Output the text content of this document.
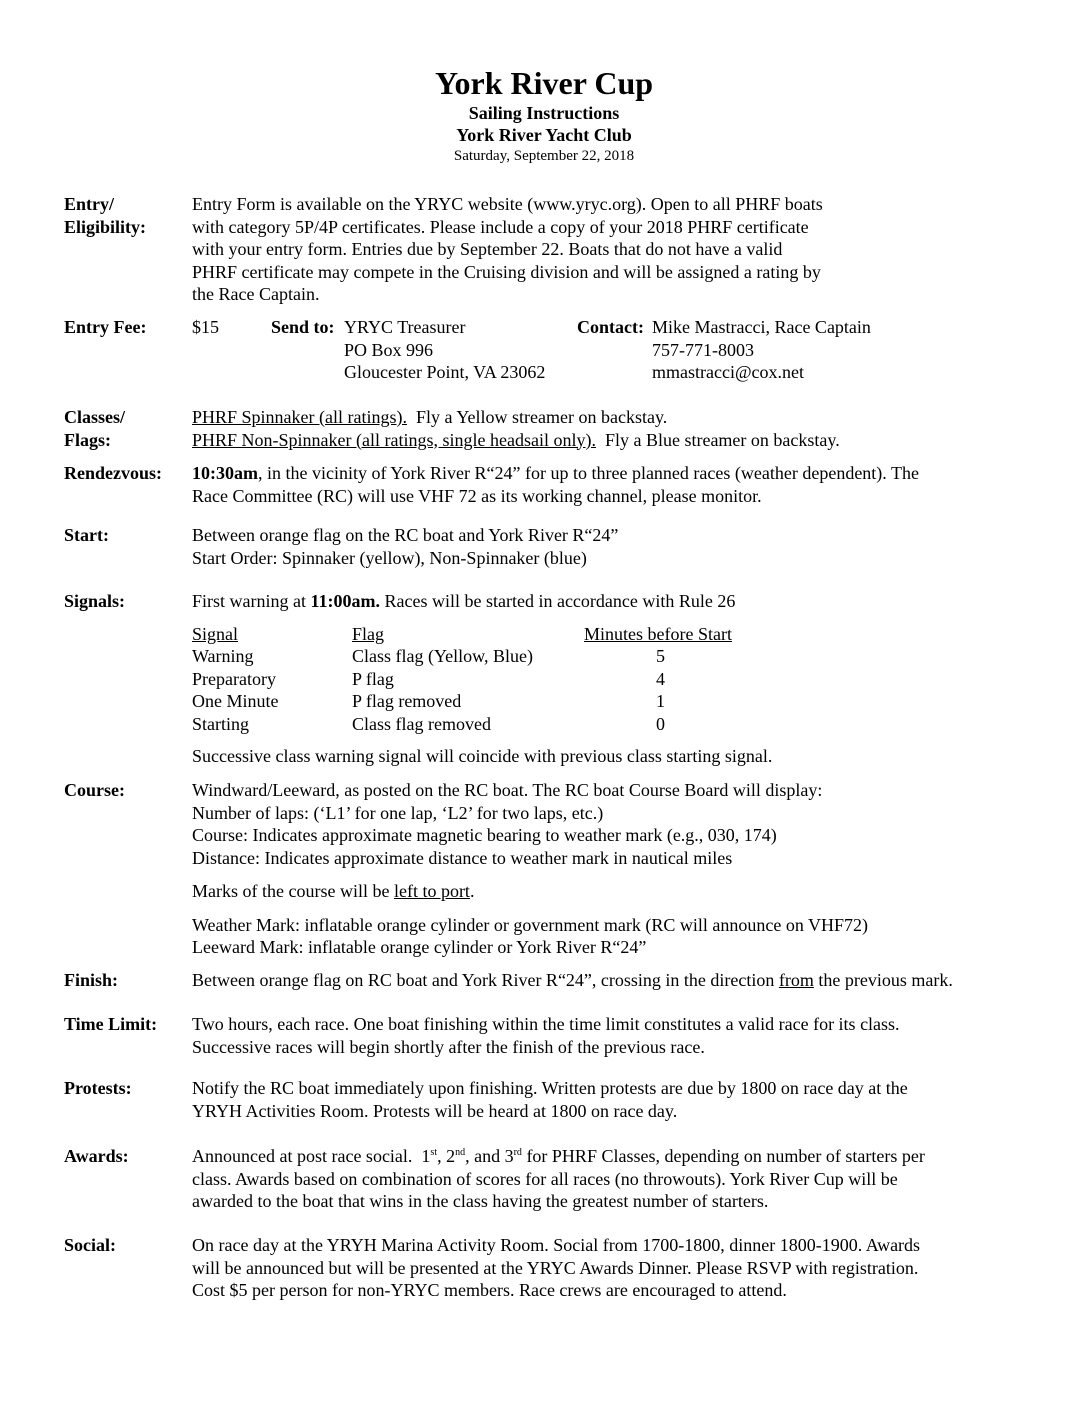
York River Cup
Sailing Instructions
York River Yacht Club
Saturday, September 22, 2018
Entry/
Eligibility:
Entry Form is available on the YRYC website (www.yryc.org). Open to all PHRF boats
with category 5P/4P certificates. Please include a copy of your 2018 PHRF certificate
with your entry form. Entries due by September 22. Boats that do not have a valid
PHRF certificate may compete in the Cruising division and will be assigned a rating by
the Race Captain.
Entry Fee:	$15	Send to: YRYC Treasurer
PO Box 996
Gloucester Point, VA 23062
Contact: Mike Mastracci, Race Captain
757-771-8003
mmastracci@cox.net
Classes/
Flags:
PHRF Spinnaker (all ratings).  Fly a Yellow streamer on backstay.
PHRF Non-Spinnaker (all ratings, single headsail only).  Fly a Blue streamer on backstay.
Rendezvous:	10:30am, in the vicinity of York River R“24” for up to three planned races (weather dependent). The
Race Committee (RC) will use VHF 72 as its working channel, please monitor.
Start:	Between orange flag on the RC boat and York River R“24”
Start Order: Spinnaker (yellow), Non-Spinnaker (blue)
Signals:	First warning at 11:00am. Races will be started in accordance with Rule 26
Signal	Flag	Minutes before Start
Warning	Class flag (Yellow, Blue)	5
Preparatory	P flag	4
One Minute	P flag removed	1
Starting	Class flag removed	0
Successive class warning signal will coincide with previous class starting signal.
Course:	Windward/Leeward, as posted on the RC boat. The RC boat Course Board will display:
Number of laps: (‘L1’ for one lap, ‘L2’ for two laps, etc.)
Course: Indicates approximate magnetic bearing to weather mark (e.g., 030, 174)
Distance: Indicates approximate distance to weather mark in nautical miles
Marks of the course will be left to port.
Weather Mark: inflatable orange cylinder or government mark (RC will announce on VHF72)
Leeward Mark: inflatable orange cylinder or York River R“24”
Finish:	Between orange flag on RC boat and York River R“24”, crossing in the direction from the previous mark.
Time Limit:	Two hours, each race. One boat finishing within the time limit constitutes a valid race for its class.
Successive races will begin shortly after the finish of the previous race.
Protests:	Notify the RC boat immediately upon finishing. Written protests are due by 1800 on race day at the
YRYH Activities Room. Protests will be heard at 1800 on race day.
Awards:	Announced at post race social.  1st, 2nd, and 3rd for PHRF Classes, depending on number of starters per
class. Awards based on combination of scores for all races (no throwouts). York River Cup will be
awarded to the boat that wins in the class having the greatest number of starters.
Social:	On race day at the YRYH Marina Activity Room. Social from 1700-1800, dinner 1800-1900. Awards
will be announced but will be presented at the YRYC Awards Dinner. Please RSVP with registration.
Cost $5 per person for non-YRYC members. Race crews are encouraged to attend.
